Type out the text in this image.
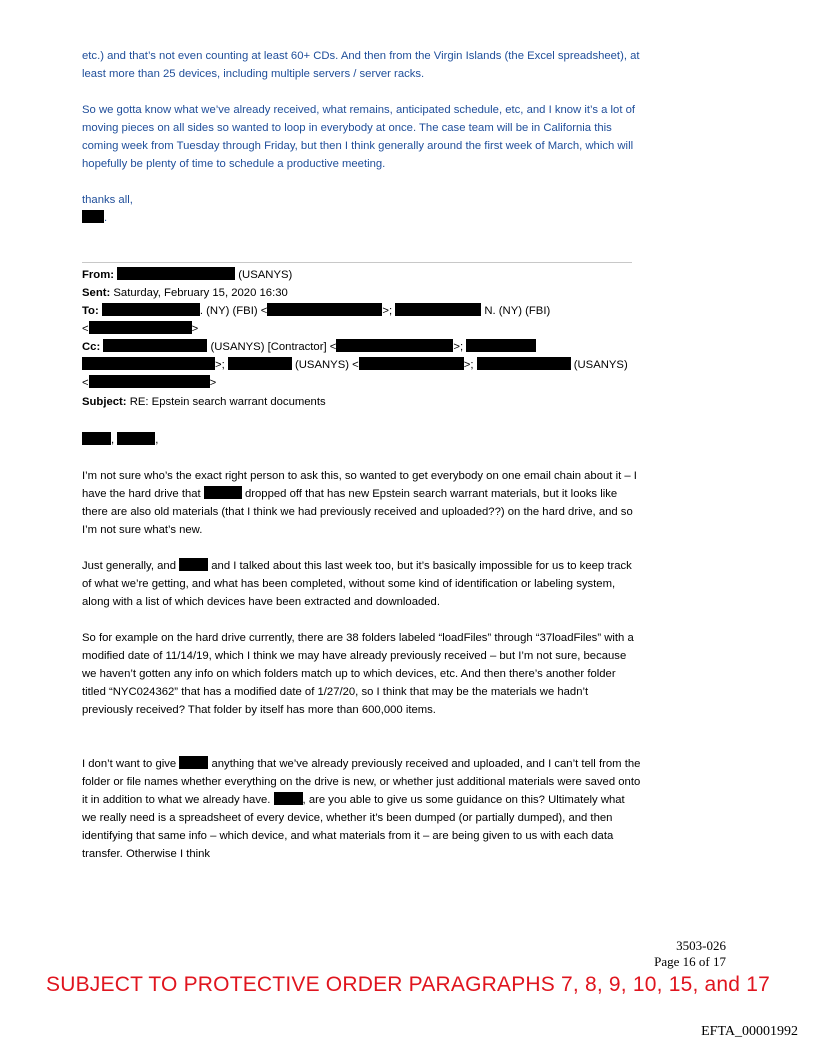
etc.) and that’s not even counting at least 60+ CDs. And then from the Virgin Islands (the Excel spreadsheet), at least more than 25 devices, including multiple servers / server racks.

So we gotta know what we’ve already received, what remains, anticipated schedule, etc, and I know it’s a lot of moving pieces on all sides so wanted to loop in everybody at once. The case team will be in California this coming week from Tuesday through Friday, but then I think generally around the first week of March, which will hopefully be plenty of time to schedule a productive meeting.

thanks all,

.

From:	(USANYS)
Sent: Saturday, February 15, 2020 16:30
To:	. (NY) (FBI) <	>;	N. (NY) (FBI)
<	>
Cc:	(USANYS) [Contractor] <	>;
>;	(USANYS) <	>;	(USANYS)
<	>
Subject: RE: Epstein search warrant documents

,	,

I’m not sure who’s the exact right person to ask this, so wanted to get everybody on one email chain about it – I have the hard drive that	dropped off that has new Epstein search warrant materials, but it looks like there are also old materials (that I think we had previously received and uploaded??) on the hard drive, and so I’m not sure what’s new.

Just generally, and	and I talked about this last week too, but it’s basically impossible for us to keep track of what we’re getting, and what has been completed, without some kind of identification or labeling system, along with a list of which devices have been extracted and downloaded.

So for example on the hard drive currently, there are 38 folders labeled “loadFiles” through “37loadFiles” with a modified date of 11/14/19, which I think we may have already previously received – but I’m not sure, because we haven’t gotten any info on which folders match up to which devices, etc. And then there’s another folder titled “NYC024362” that has a modified date of 1/27/20, so I think that may be the materials we hadn’t previously received? That folder by itself has more than 600,000 items.

I don’t want to give	anything that we’ve already previously received and uploaded, and I can’t tell from the folder or file names whether everything on the drive is new, or whether just additional materials were saved onto it in addition to what we already have.	, are you able to give us some guidance on this? Ultimately what we really need is a spreadsheet of every device, whether it’s been dumped (or partially dumped), and then identifying that same info – which device, and what materials from it – are being given to us with each data transfer. Otherwise I think

3503-026
Page 16 of 17
SUBJECT TO PROTECTIVE ORDER PARAGRAPHS 7, 8, 9, 10, 15, and 17
EFTA_00001992
